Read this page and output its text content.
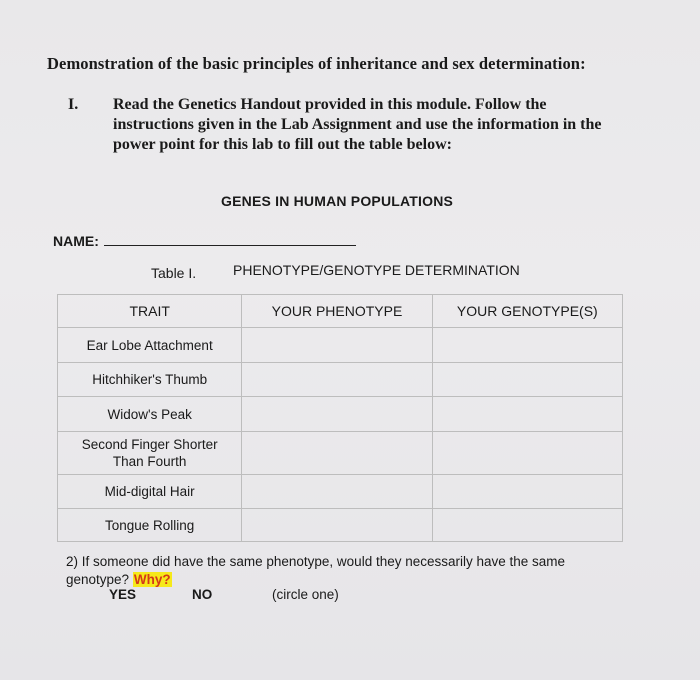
Demonstration of the basic principles of inheritance and sex determination:
I. Read the Genetics Handout provided in this module. Follow the instructions given in the Lab Assignment and use the information in the power point for this lab to fill out the table below:
GENES IN HUMAN POPULATIONS
NAME:
Table I.	PHENOTYPE/GENOTYPE DETERMINATION
TRAIT	YOUR PHENOTYPE	YOUR GENOTYPE(S)
Ear Lobe Attachment		
Hitchhiker's Thumb		
Widow's Peak		
Second Finger Shorter Than Fourth		
Mid-digital Hair		
Tongue Rolling		
2) If someone did have the same phenotype, would they necessarily have the same genotype? Why?
YES	NO	(circle one)
